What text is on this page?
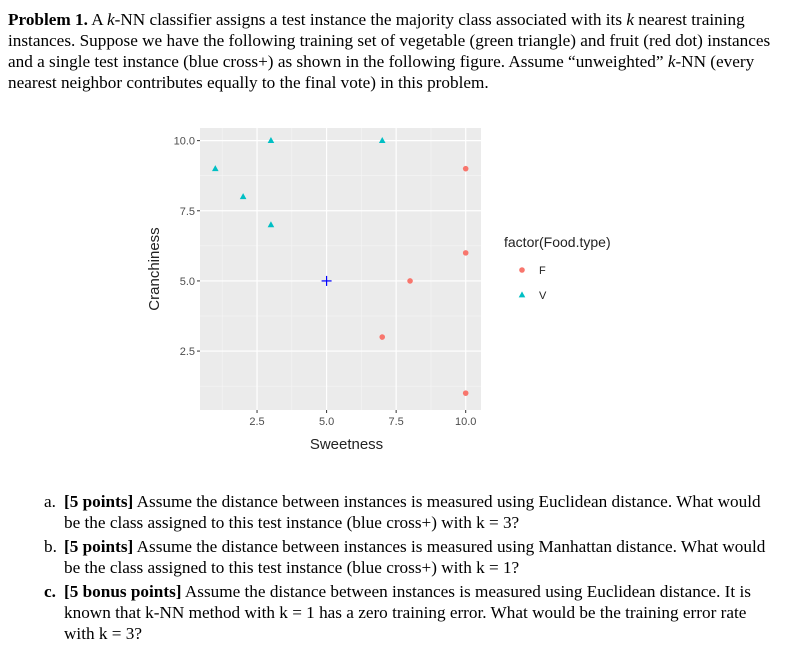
Problem 1. A k-NN classifier assigns a test instance the majority class associated with its k nearest training instances. Suppose we have the following training set of vegetable (green triangle) and fruit (red dot) instances and a single test instance (blue cross+) as shown in the following figure. Assume “unweighted” k-NN (every nearest neighbor contributes equally to the final vote) in this problem.
2.5	5.0	7.5	10.0
2.5
5.0
7.5
10.0
Sweetness
Cranchiness	factor(Food.type)
F
V
a. [5 points] Assume the distance between instances is measured using Euclidean distance. What would be the class assigned to this test instance (blue cross+) with k = 3?
b. [5 points] Assume the distance between instances is measured using Manhattan distance. What would be the class assigned to this test instance (blue cross+) with k = 1?
c. [5 bonus points] Assume the distance between instances is measured using Euclidean distance. It is known that k-NN method with k = 1 has a zero training error. What would be the training error rate with k = 3?
